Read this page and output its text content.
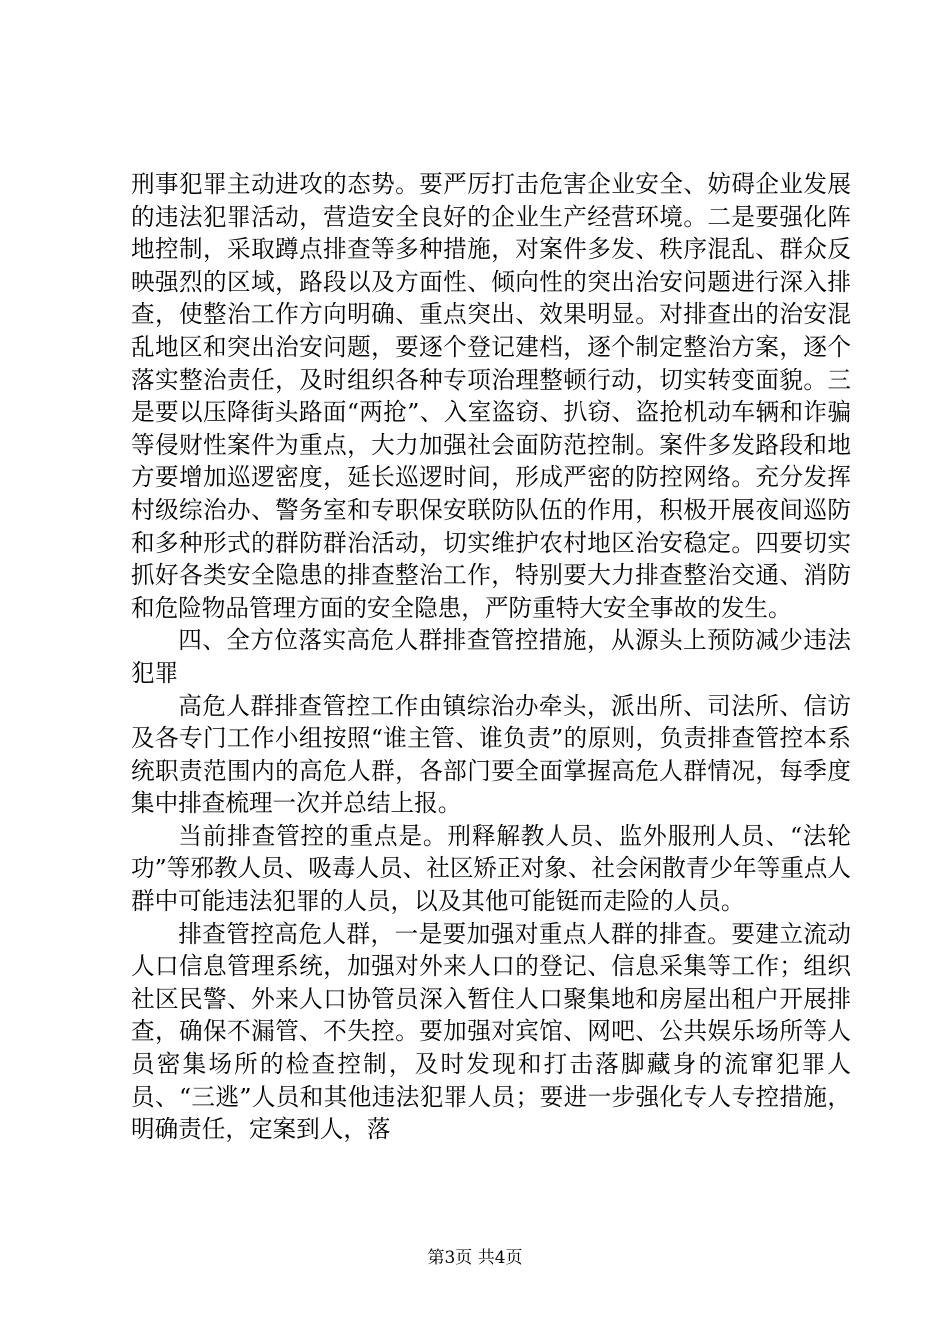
刑事犯罪主动进攻的态势。要严厉打击危害企业安全、妨碍企业发展的违法犯罪活动，营造安全良好的企业生产经营环境。二是要强化阵地控制，采取蹲点排查等多种措施，对案件多发、秩序混乱、群众反映强烈的区域，路段以及方面性、倾向性的突出治安问题进行深入排查，使整治工作方向明确、重点突出、效果明显。对排查出的治安混乱地区和突出治安问题，要逐个登记建档，逐个制定整治方案，逐个落实整治责任，及时组织各种专项治理整顿行动，切实转变面貌。三是要以压降街头路面“两抢”、入室盗窃、扒窃、盗抢机动车辆和诈骗等侵财性案件为重点，大力加强社会面防范控制。案件多发路段和地方要增加巡逻密度，延长巡逻时间，形成严密的防控网络。充分发挥村级综治办、警务室和专职保安联防队伍的作用，积极开展夜间巡防和多种形式的群防群治活动，切实维护农村地区治安稳定。四要切实抓好各类安全隐患的排查整治工作，特别要大力排查整治交通、消防和危险物品管理方面的安全隐患，严防重特大安全事故的发生。

四、全方位落实高危人群排查管控措施，从源头上预防减少违法犯罪

高危人群排查管控工作由镇综治办牵头，派出所、司法所、信访及各专门工作小组按照“谁主管、谁负责”的原则，负责排查管控本系统职责范围内的高危人群，各部门要全面掌握高危人群情况，每季度集中排查梳理一次并总结上报。

当前排查管控的重点是。刑释解教人员、监外服刑人员、“法轮功”等邪教人员、吸毒人员、社区矫正对象、社会闲散青少年等重点人群中可能违法犯罪的人员，以及其他可能铤而走险的人员。

排查管控高危人群，一是要加强对重点人群的排查。要建立流动人口信息管理系统，加强对外来人口的登记、信息采集等工作；组织社区民警、外来人口协管员深入暂住人口聚集地和房屋出租户开展排查，确保不漏管、不失控。要加强对宾馆、网吧、公共娱乐场所等人员密集场所的检查控制，及时发现和打击落脚藏身的流窜犯罪人员、“三逃”人员和其他违法犯罪人员；要进一步强化专人专控措施，明确责任，定案到人，落

第3页 共4页
